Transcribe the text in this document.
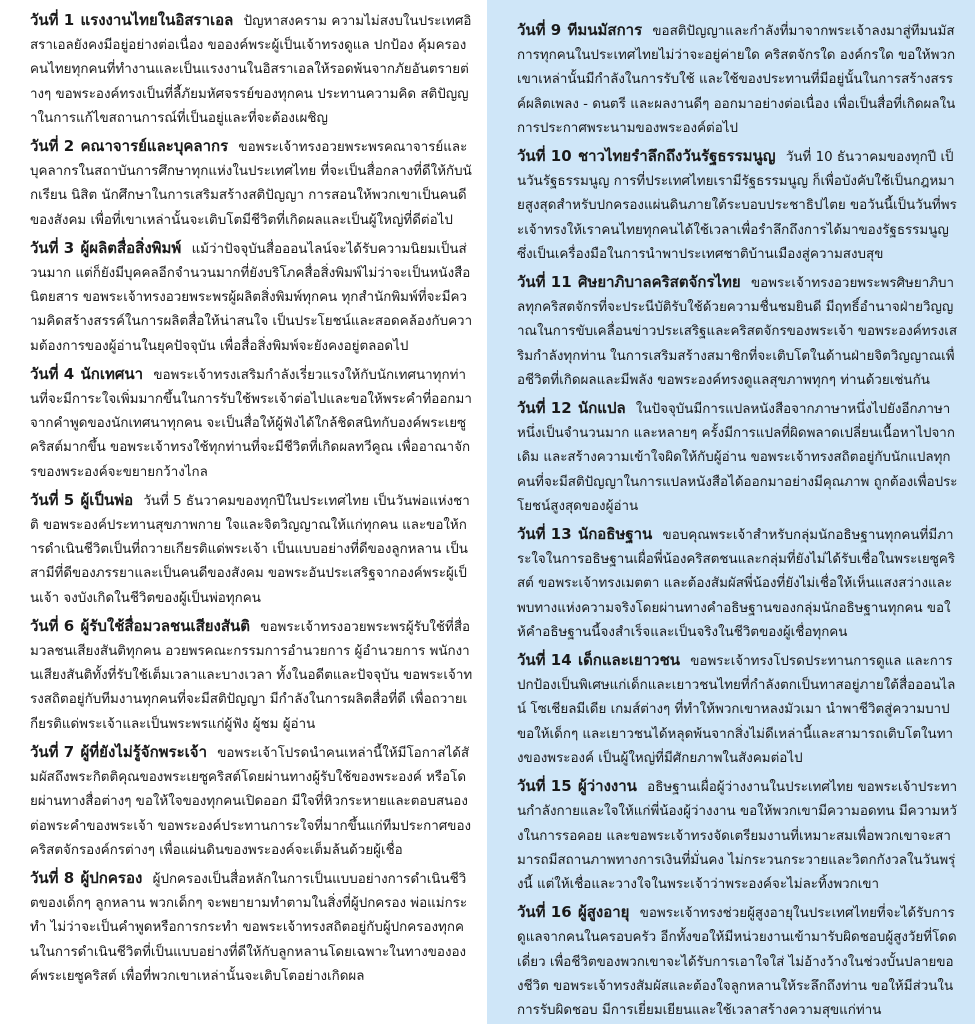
วันที่ 1 แรงงานไทยในอิสราเอล ปัญหาสงคราม ความไม่สงบในประเทศอิสราเอลยังคงมีอยู่อย่างต่อเนื่อง ขอองค์พระผู้เป็นเจ้าทรงดูแล ปกป้อง คุ้มครองคนไทยทุกคนที่ทำงานและเป็นแรงงานในอิสราเอลให้รอดพ้นจากภัยอันตรายต่างๆ ขอพระองค์ทรงเป็นที่ลี้ภัยมหัศจรรย์ของทุกคน ประทานความคิด สติปัญญาในการแก้ไขสถานการณ์ที่เป็นอยู่และที่จะต้องเผชิญ

วันที่ 2 คณาจารย์และบุคลากร ขอพระเจ้าทรงอวยพระพรคณาจารย์และบุคลากรในสถาบันการศึกษาทุกแห่งในประเทศไทย ที่จะเป็นสื่อกลางที่ดีให้กับนักเรียน นิสิต นักศึกษาในการเสริมสร้างสติปัญญา การสอนให้พวกเขาเป็นคนดีของสังคม เพื่อที่เขาเหล่านั้นจะเติบโตมีชีวิตที่เกิดผลและเป็นผู้ใหญ่ที่ดีต่อไป

วันที่ 3 ผู้ผลิตสื่อสิ่งพิมพ์ แม้ว่าปัจจุบันสื่อออนไลน์จะได้รับความนิยมเป็นส่วนมาก แต่ก็ยังมีบุคคลอีกจำนวนมากที่ยังบริโภคสื่อสิ่งพิมพ์ไม่ว่าจะเป็นหนังสือ นิตยสาร ขอพระเจ้าทรงอวยพระพรผู้ผลิตสิ่งพิมพ์ทุกคน ทุกสำนักพิมพ์ที่จะมีความคิดสร้างสรรค์ในการผลิตสื่อให้น่าสนใจ เป็นประโยชน์และสอดคล้องกับความต้องการของผู้อ่านในยุคปัจจุบัน เพื่อสื่อสิ่งพิมพ์จะยังคงอยู่ตลอดไป

วันที่ 4 นักเทศนา ขอพระเจ้าทรงเสริมกำลังเรี่ยวแรงให้กับนักเทศนาทุกท่านที่จะมีการะใจเพิ่มมากขึ้นในการรับใช้พระเจ้าต่อไปและขอให้พระคำที่ออกมาจากคำพูดของนักเทศนาทุกคน จะเป็นสื่อให้ผู้ฟังได้ใกล้ชิดสนิทกับองค์พระเยซูคริสต์มากขึ้น ขอพระเจ้าทรงใช้ทุกท่านที่จะมีชีวิตที่เกิดผลทวีคูณ เพื่ออาณาจักรของพระองค์จะขยายกว้างไกล

วันที่ 5 ผู้เป็นพ่อ วันที่ 5 ธันวาคมของทุกปีในประเทศไทย เป็นวันพ่อแห่งชาติ ขอพระองค์ประทานสุขภาพกาย ใจและจิตวิญญาณให้แก่ทุกคน และขอให้การดำเนินชีวิตเป็นที่ถวายเกียรติแด่พระเจ้า เป็นแบบอย่างที่ดีของลูกหลาน เป็นสามีที่ดีของภรรยาและเป็นคนดีของสังคม ขอพระอันประเสริฐจากองค์พระผู้เป็นเจ้า จงบังเกิดในชีวิตของผู้เป็นพ่อทุกคน

วันที่ 6 ผู้รับใช้สื่อมวลชนเสียงสันติ ขอพระเจ้าทรงอวยพระพรผู้รับใช้ที่สื่อมวลชนเสียงสันติทุกคน อวยพรคณะกรรมการอำนวยการ ผู้อำนวยการ พนักงานเสียงสันติทั้งที่รับใช้เต็มเวลาและบางเวลา ทั้งในอดีตและปัจจุบัน ขอพระเจ้าทรงสถิตอยู่กับทีมงานทุกคนที่จะมีสติปัญญา มีกำลังในการผลิตสื่อที่ดี เพื่อถวายเกียรติแด่พระเจ้าและเป็นพระพรแก่ผู้ฟัง ผู้ชม ผู้อ่าน

วันที่ 7 ผู้ที่ยังไม่รู้จักพระเจ้า ขอพระเจ้าโปรดนำคนเหล่านี้ให้มีโอกาสได้สัมผัสถึงพระกิตติคุณของพระเยซูคริสต์โดยผ่านทางผู้รับใช้ของพระองค์ หรือโดยผ่านทางสื่อต่างๆ ขอให้ใจของทุกคนเปิดออก มีใจที่หิวกระหายและตอบสนองต่อพระคำของพระเจ้า ขอพระองค์ประทานการะใจที่มากขึ้นแก่ทีมประกาศของคริสตจักรองค์กรต่างๆ เพื่อแผ่นดินของพระองค์จะเต็มล้นด้วยผู้เชื่อ

วันที่ 8 ผู้ปกครอง ผู้ปกครองเป็นสื่อหลักในการเป็นแบบอย่างการดำเนินชีวิตของเด็กๆ ลูกหลาน พวกเด็กๆ จะพยายามทำตามในสิ่งที่ผู้ปกครอง พ่อแม่กระทำ ไม่ว่าจะเป็นคำพูดหรือการกระทำ ขอพระเจ้าทรงสถิตอยู่กับผู้ปกครองทุกคนในการดำเนินชีวิตที่เป็นแบบอย่างที่ดีให้กับลูกหลานโดยเฉพาะในทางขององค์พระเยซูคริสต์ เพื่อที่พวกเขาเหล่านั้นจะเติบโตอย่างเกิดผล

วันที่ 9 ทีมนมัสการ ขอสติปัญญาและกำลังที่มาจากพระเจ้าลงมาสู่ทีมนมัสการทุกคนในประเทศไทยไม่ว่าจะอยู่ค่ายใด คริสตจักรใด องค์กรใด ขอให้พวกเขาเหล่านั้นมีกำลังในการรับใช้ และใช้ของประทานที่มีอยู่นั้นในการสร้างสรรค์ผลิตเพลง - ดนตรี และผลงานดีๆ ออกมาอย่างต่อเนื่อง เพื่อเป็นสื่อที่เกิดผลในการประกาศพระนามของพระองค์ต่อไป

วันที่ 10 ชาวไทยรำลึกถึงวันรัฐธรรมนูญ วันที่ 10 ธันวาคมของทุกปี เป็นวันรัฐธรรมนูญ การที่ประเทศไทยเรามีรัฐธรรมนูญ ก็เพื่อบังคับใช้เป็นกฎหมายสูงสุดสำหรับปกครองแผ่นดินภายใต้ระบอบประชาธิปไตย ขอวันนี้เป็นวันที่พระเจ้าทรงให้เราคนไทยทุกคนได้ใช้เวลาเพื่อรำลึกถึงการได้มาของรัฐธรรมนูญ ซึ่งเป็นเครื่องมือในการนำพาประเทศชาติบ้านเมืองสู่ความสงบสุข

วันที่ 11 ศิษยาภิบาลคริสตจักรไทย ขอพระเจ้าทรงอวยพระพรศิษยาภิบาลทุกคริสตจักรที่จะประนีบัติรับใช้ด้วยความชื่นชมยินดี มีฤทธิ์อำนาจฝ่ายวิญญาณในการขับเคลื่อนข่าวประเสริฐและคริสตจักรของพระเจ้า ขอพระองค์ทรงเสริมกำลังทุกท่าน ในการเสริมสร้างสมาชิกที่จะเติบโตในด้านฝ่ายจิตวิญญาณเพื่อชีวิตที่เกิดผลและมีพลัง ขอพระองค์ทรงดูแลสุขภาพทุกๆ ท่านด้วยเช่นกัน

วันที่ 12 นักแปล ในปัจจุบันมีการแปลหนังสือจากภาษาหนึ่งไปยังอีกภาษาหนึ่งเป็นจำนวนมาก และหลายๆ ครั้งมีการแปลที่ผิดพลาดเปลี่ยนเนื้อหาไปจากเดิม และสร้างความเข้าใจผิดให้กับผู้อ่าน ขอพระเจ้าทรงสถิตอยู่กับนักแปลทุกคนที่จะมีสติปัญญาในการแปลหนังสือได้ออกมาอย่างมีคุณภาพ ถูกต้องเพื่อประโยชน์สูงสุดของผู้อ่าน

วันที่ 13 นักอธิษฐาน ขอบคุณพระเจ้าสำหรับกลุ่มนักอธิษฐานทุกคนที่มีภาระใจในการอธิษฐานเผื่อพี่น้องคริสตชนและกลุ่มที่ยังไม่ได้รับเชื่อในพระเยซูคริสต์ ขอพระเจ้าทรงเมตตา และต้องสัมผัสพี่น้องที่ยังไม่เชื่อให้เห็นแสงสว่างและพบทางแห่งความจริงโดยผ่านทางคำอธิษฐานของกลุ่มนักอธิษฐานทุกคน ขอให้คำอธิษฐานนี้จงสำเร็จและเป็นจริงในชีวิตของผู้เชื่อทุกคน

วันที่ 14 เด็กและเยาวชน ขอพระเจ้าทรงโปรดประทานการดูแล และการปกป้องเป็นพิเศษแก่เด็กและเยาวชนไทยที่กำลังตกเป็นทาสอยู่ภายใต้สื่อออนไลน์ โซเชียลมีเดีย เกมส์ต่างๆ ที่ทำให้พวกเขาหลงมัวเมา นำพาชีวิตสู่ความบาป ขอให้เด็กๆ และเยาวชนได้หลุดพ้นจากสิ่งไม่ดีเหล่านี้และสามารถเติบโตในทางของพระองค์ เป็นผู้ใหญ่ที่มีศักยภาพในสังคมต่อไป

วันที่ 15 ผู้ว่างงาน อธิษฐานเผื่อผู้ว่างงานในประเทศไทย ขอพระเจ้าประทานกำลังกายและใจให้แก่พี่น้องผู้ว่างงาน ขอให้พวกเขามีความอดทน มีความหวังในการรอคอย และขอพระเจ้าทรงจัดเตรียมงานที่เหมาะสมเพื่อพวกเขาจะสามารถมีสถานภาพทางการเงินที่มั่นคง ไม่กระวนกระวายและวิตกกังวลในวันพรุ่งนี้ แต่ให้เชื่อและวางใจในพระเจ้าว่าพระองค์จะไม่ละทิ้งพวกเขา

วันที่ 16 ผู้สูงอายุ ขอพระเจ้าทรงช่วยผู้สูงอายุในประเทศไทยที่จะได้รับการดูแลจากคนในครอบครัว อีกทั้งขอให้มีหน่วยงานเข้ามารับผิดชอบผู้สูงวัยที่โดดเดี่ยว เพื่อชีวิตของพวกเขาจะได้รับการเอาใจใส่ ไม่อ้างว้างในช่วงบั้นปลายของชีวิต ขอพระเจ้าทรงสัมผัสและต้องใจลูกหลานให้ระลึกถึงท่าน ขอให้มีส่วนในการรับผิดชอบ มีการเยี่ยมเยียนและใช้เวลาสร้างความสุขแก่ท่าน
